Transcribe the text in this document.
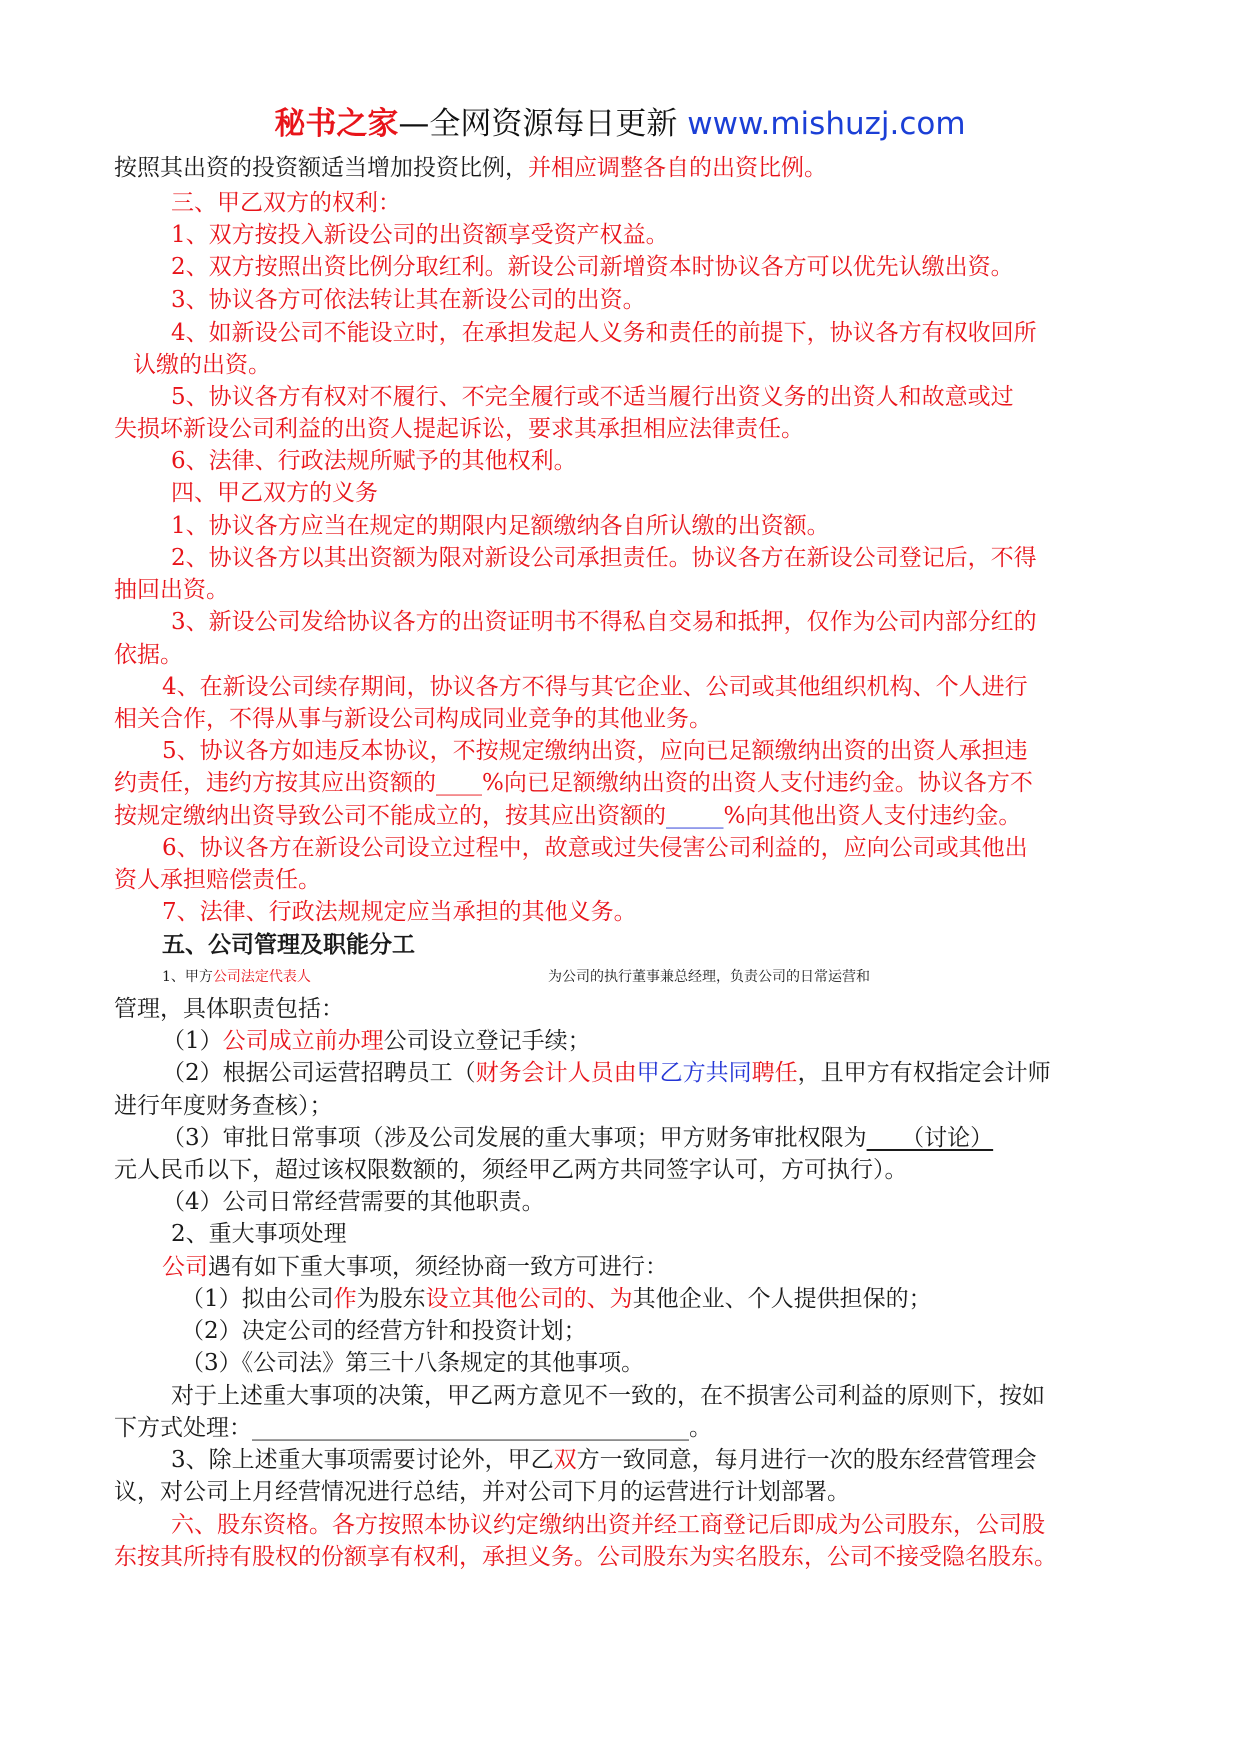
秘书之家—全网资源每日更新 www.mishuzj.com
按照其出资的投资额适当增加投资比例，并相应调整各自的出资比例。
三、甲乙双方的权利：
1、双方按投入新设公司的出资额享受资产权益。
2、双方按照出资比例分取红利。新设公司新增资本时协议各方可以优先认缴出资。
3、协议各方可依法转让其在新设公司的出资。
4、如新设公司不能设立时，在承担发起人义务和责任的前提下，协议各方有权收回所
认缴的出资。
5、协议各方有权对不履行、不完全履行或不适当履行出资义务的出资人和故意或过
失损坏新设公司利益的出资人提起诉讼，要求其承担相应法律责任。
6、法律、行政法规所赋予的其他权利。
四、甲乙双方的义务
1、协议各方应当在规定的期限内足额缴纳各自所认缴的出资额。
2、协议各方以其出资额为限对新设公司承担责任。协议各方在新设公司登记后，不得
抽回出资。
3、新设公司发给协议各方的出资证明书不得私自交易和抵押，仅作为公司内部分红的
依据。
4、在新设公司续存期间，协议各方不得与其它企业、公司或其他组织机构、个人进行
相关合作，不得从事与新设公司构成同业竞争的其他业务。
5、协议各方如违反本协议，不按规定缴纳出资，应向已足额缴纳出资的出资人承担违
约责任，违约方按其应出资额的____%向已足额缴纳出资的出资人支付违约金。协议各方不
按规定缴纳出资导致公司不能成立的，按其应出资额的_____%向其他出资人支付违约金。
6、协议各方在新设公司设立过程中，故意或过失侵害公司利益的，应向公司或其他出
资人承担赔偿责任。
7、法律、行政法规规定应当承担的其他义务。
五、公司管理及职能分工
1、甲方公司法定代表人	为公司的执行董事兼总经理，负责公司的日常运营和
管理，具体职责包括：
（1）公司成立前办理公司设立登记手续；
（2）根据公司运营招聘员工（财务会计人员由甲乙方共同聘任，且甲方有权指定会计师
进行年度财务查核）；
（3）审批日常事项（涉及公司发展的重大事项；甲方财务审批权限为___（讨论）
元人民币以下，超过该权限数额的，须经甲乙两方共同签字认可，方可执行）。
（4）公司日常经营需要的其他职责。
2、重大事项处理
公司遇有如下重大事项，须经协商一致方可进行：
（1）拟由公司作为股东设立其他公司的、为其他企业、个人提供担保的；
（2）决定公司的经营方针和投资计划；
（3）《公司法》第三十八条规定的其他事项。
对于上述重大事项的决策，甲乙两方意见不一致的，在不损害公司利益的原则下，按如
下方式处理：______________________________________。
3、除上述重大事项需要讨论外，甲乙双方一致同意，每月进行一次的股东经营管理会
议，对公司上月经营情况进行总结，并对公司下月的运营进行计划部署。
六、股东资格。各方按照本协议约定缴纳出资并经工商登记后即成为公司股东，公司股
东按其所持有股权的份额享有权利，承担义务。公司股东为实名股东，公司不接受隐名股东。
